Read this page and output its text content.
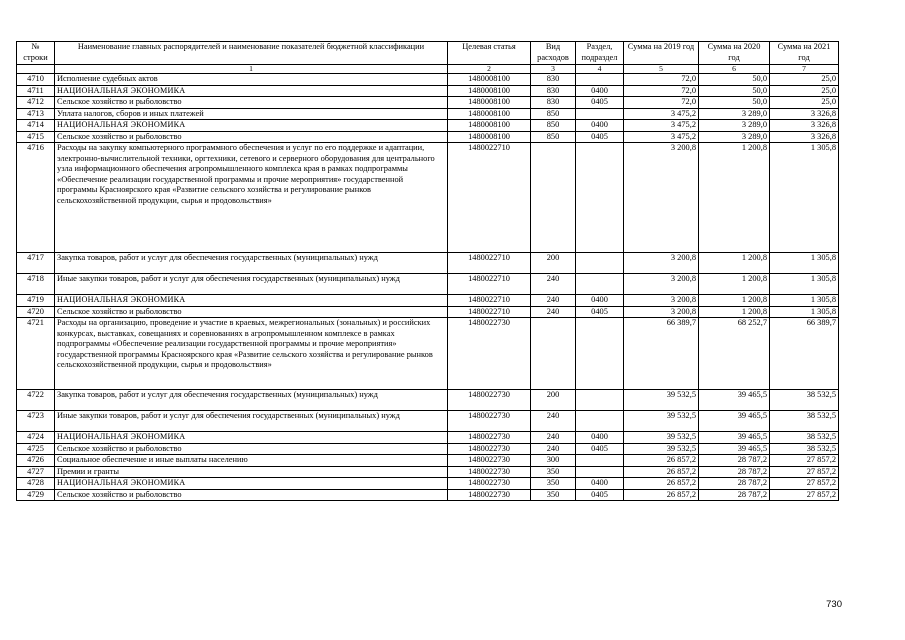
№ строки	Наименование главных распорядителей и наименование показателей бюджетной классификации	Целевая статья	Вид расходов	Раздел, подраздел	Сумма на 2019 год	Сумма на 2020 год	Сумма на 2021 год
	1	2	3	4	5	6	7
4710	Исполнение судебных актов	1480008100	830		72,0	50,0	25,0
4711	НАЦИОНАЛЬНАЯ ЭКОНОМИКА	1480008100	830	0400	72,0	50,0	25,0
4712	Сельское хозяйство и рыболовство	1480008100	830	0405	72,0	50,0	25,0
4713	Уплата налогов, сборов и иных платежей	1480008100	850		3 475,2	3 289,0	3 326,8
4714	НАЦИОНАЛЬНАЯ ЭКОНОМИКА	1480008100	850	0400	3 475,2	3 289,0	3 326,8
4715	Сельское хозяйство и рыболовство	1480008100	850	0405	3 475,2	3 289,0	3 326,8
4716	Расходы на закупку компьютерного программного обеспечения и услуг по его поддержке и адаптации, электронно-вычислительной техники, оргтехники, сетевого и серверного оборудования для центрального узла информационного обеспечения агропромышленного комплекса края в рамках подпрограммы «Обеспечение реализации государственной программы и прочие мероприятия» государственной программы Красноярского края «Развитие сельского хозяйства и регулирование рынков сельскохозяйственной продукции, сырья и продовольствия»	1480022710			3 200,8	1 200,8	1 305,8
4717	Закупка товаров, работ и услуг для обеспечения государственных (муниципальных) нужд	1480022710	200		3 200,8	1 200,8	1 305,8
4718	Иные закупки товаров, работ и услуг для обеспечения государственных (муниципальных) нужд	1480022710	240		3 200,8	1 200,8	1 305,8
4719	НАЦИОНАЛЬНАЯ ЭКОНОМИКА	1480022710	240	0400	3 200,8	1 200,8	1 305,8
4720	Сельское хозяйство и рыболовство	1480022710	240	0405	3 200,8	1 200,8	1 305,8
4721	Расходы на организацию, проведение и участие в краевых, межрегиональных (зональных) и российских конкурсах, выставках, совещаниях и соревнованиях в агропромышленном комплексе в рамках подпрограммы «Обеспечение реализации государственной программы и прочие мероприятия» государственной программы Красноярского края «Развитие сельского хозяйства и регулирование рынков сельскохозяйственной продукции, сырья и продовольствия»	1480022730			66 389,7	68 252,7	66 389,7
4722	Закупка товаров, работ и услуг для обеспечения государственных (муниципальных) нужд	1480022730	200		39 532,5	39 465,5	38 532,5
4723	Иные закупки товаров, работ и услуг для обеспечения государственных (муниципальных) нужд	1480022730	240		39 532,5	39 465,5	38 532,5
4724	НАЦИОНАЛЬНАЯ ЭКОНОМИКА	1480022730	240	0400	39 532,5	39 465,5	38 532,5
4725	Сельское хозяйство и рыболовство	1480022730	240	0405	39 532,5	39 465,5	38 532,5
4726	Социальное обеспечение и иные выплаты населению	1480022730	300		26 857,2	28 787,2	27 857,2
4727	Премии и гранты	1480022730	350		26 857,2	28 787,2	27 857,2
4728	НАЦИОНАЛЬНАЯ ЭКОНОМИКА	1480022730	350	0400	26 857,2	28 787,2	27 857,2
4729	Сельское хозяйство и рыболовство	1480022730	350	0405	26 857,2	28 787,2	27 857,2
730
